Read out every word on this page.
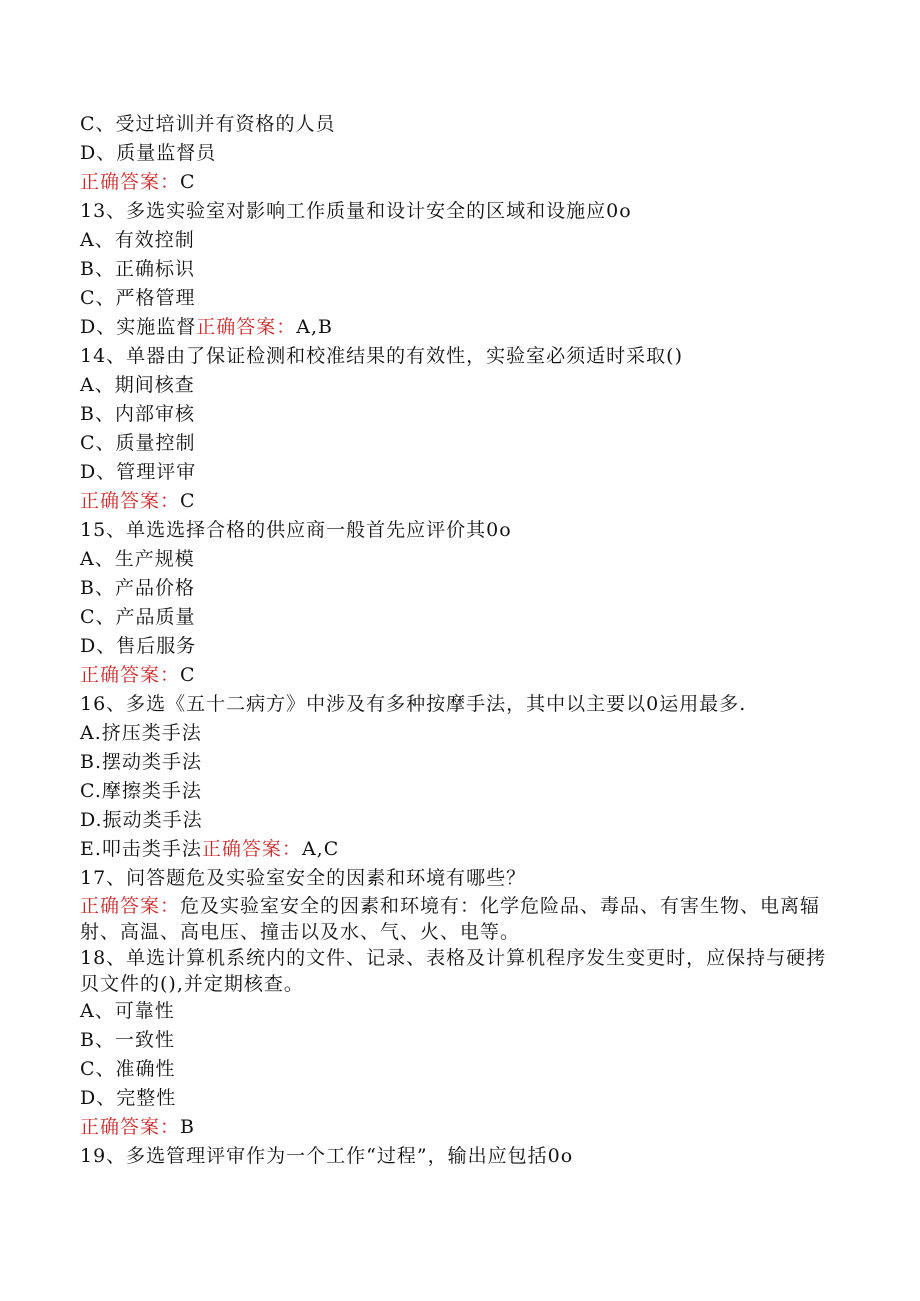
C、受过培训并有资格的人员
D、质量监督员
正确答案：C
13、多选实验室对影响工作质量和设计安全的区域和设施应0o
A、有效控制
B、正确标识
C、严格管理
D、实施监督正确答案：A,B
14、单器由了保证检测和校准结果的有效性，实验室必须适时采取()
A、期间核查
B、内部审核
C、质量控制
D、管理评审
正确答案：C
15、单选选择合格的供应商一般首先应评价其0o
A、生产规模
B、产品价格
C、产品质量
D、售后服务
正确答案：C
16、多选《五十二病方》中涉及有多种按摩手法，其中以主要以0运用最多.
A.挤压类手法
B.摆动类手法
C.摩擦类手法
D.振动类手法
E.叩击类手法正确答案：A,C
17、问答题危及实验室安全的因素和环境有哪些？
正确答案：危及实验室安全的因素和环境有：化学危险品、毒品、有害生物、电离辐射、高温、高电压、撞击以及水、气、火、电等。
18、单选计算机系统内的文件、记录、表格及计算机程序发生变更时，应保持与硬拷贝文件的(),并定期核查。
A、可靠性
B、一致性
C、准确性
D、完整性
正确答案：B
19、多选管理评审作为一个工作“过程”，输出应包括0o
